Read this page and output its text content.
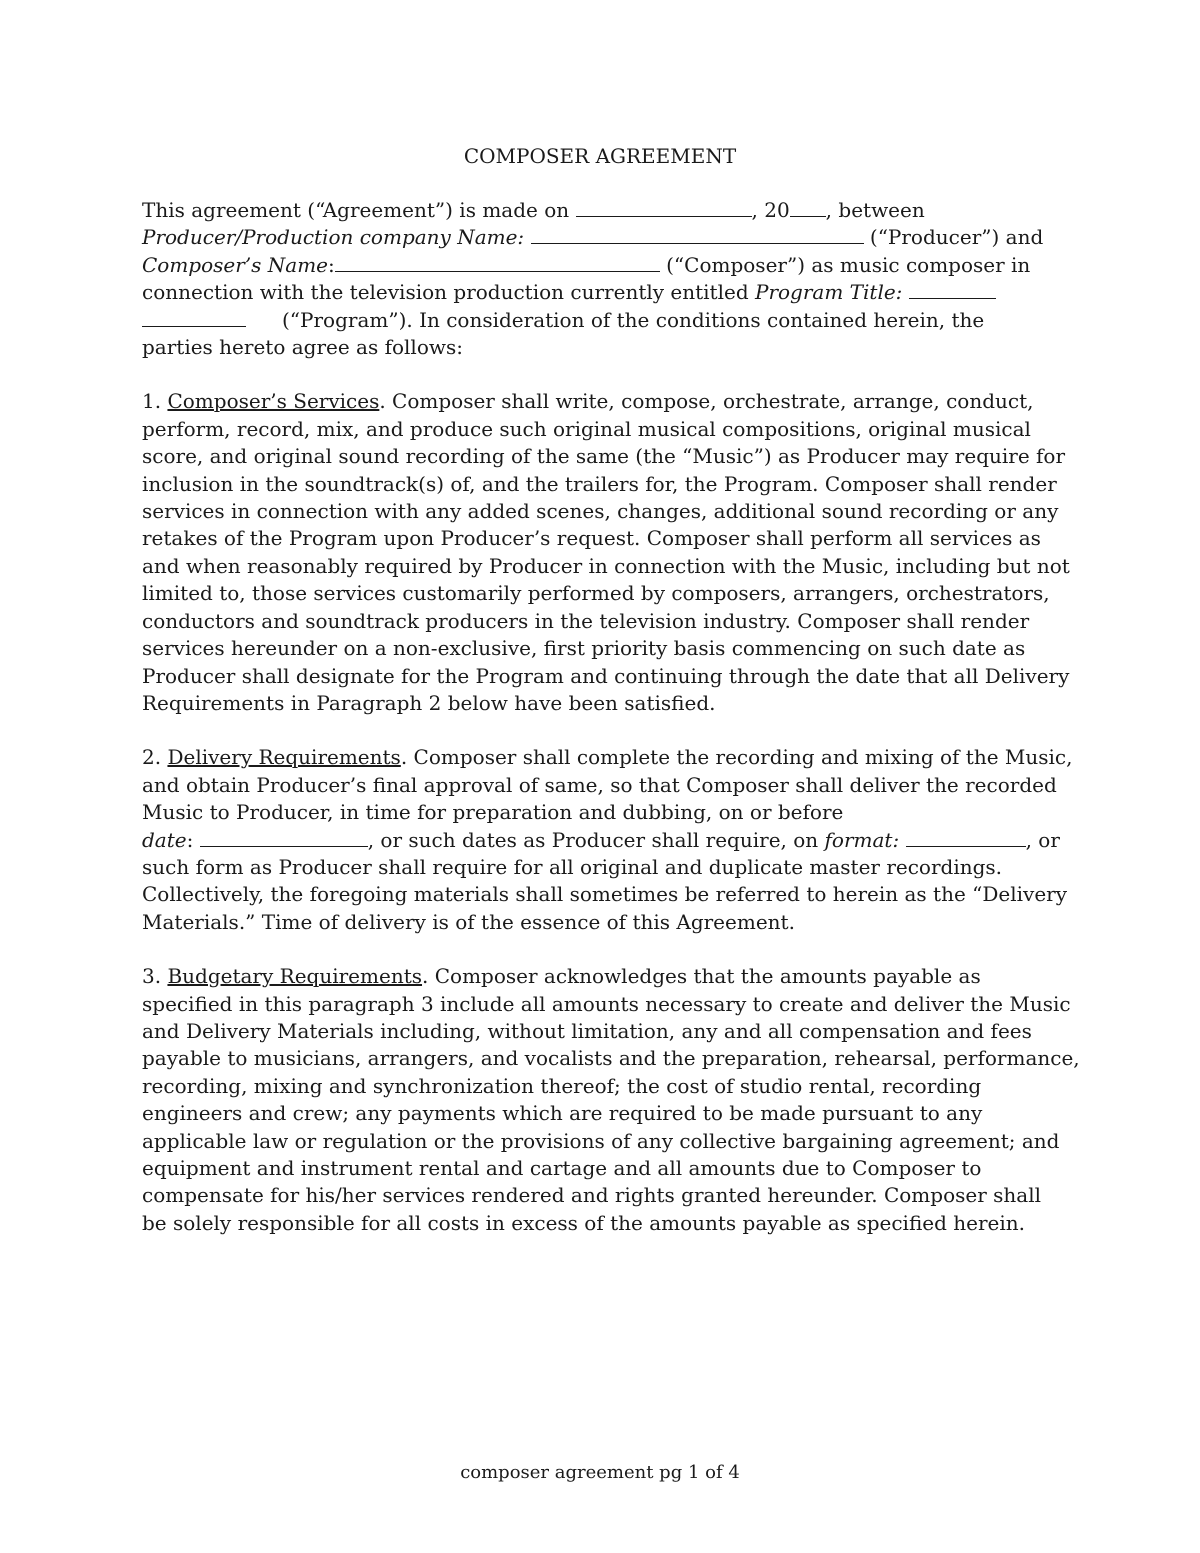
COMPOSER AGREEMENT

This agreement (“Agreement”) is made on	, 20 , between
Producer/Production company Name:	(“Producer”) and
Composer’s Name:	(“Composer”) as music composer in
connection with the television production currently entitled Program Title:
(“Program”). In consideration of the conditions contained herein, the
parties hereto agree as follows:

1. Composer’s Services. Composer shall write, compose, orchestrate, arrange, conduct,
perform, record, mix, and produce such original musical compositions, original musical
score, and original sound recording of the same (the “Music”) as Producer may require for
inclusion in the soundtrack(s) of, and the trailers for, the Program. Composer shall render
services in connection with any added scenes, changes, additional sound recording or any
retakes of the Program upon Producer’s request. Composer shall perform all services as
and when reasonably required by Producer in connection with the Music, including but not
limited to, those services customarily performed by composers, arrangers, orchestrators,
conductors and soundtrack producers in the television industry. Composer shall render
services hereunder on a non-exclusive, first priority basis commencing on such date as
Producer shall designate for the Program and continuing through the date that all Delivery
Requirements in Paragraph 2 below have been satisfied.

2. Delivery Requirements. Composer shall complete the recording and mixing of the Music,
and obtain Producer’s final approval of same, so that Composer shall deliver the recorded
Music to Producer, in time for preparation and dubbing, on or before
date:	, or such dates as Producer shall require, on format:	, or
such form as Producer shall require for all original and duplicate master recordings.
Collectively, the foregoing materials shall sometimes be referred to herein as the “Delivery
Materials.” Time of delivery is of the essence of this Agreement.

3. Budgetary Requirements. Composer acknowledges that the amounts payable as
specified in this paragraph 3 include all amounts necessary to create and deliver the Music
and Delivery Materials including, without limitation, any and all compensation and fees
payable to musicians, arrangers, and vocalists and the preparation, rehearsal, performance,
recording, mixing and synchronization thereof; the cost of studio rental, recording
engineers and crew; any payments which are required to be made pursuant to any
applicable law or regulation or the provisions of any collective bargaining agreement; and
equipment and instrument rental and cartage and all amounts due to Composer to
compensate for his/her services rendered and rights granted hereunder. Composer shall
be solely responsible for all costs in excess of the amounts payable as specified herein.

composer agreement pg 1 of 4
